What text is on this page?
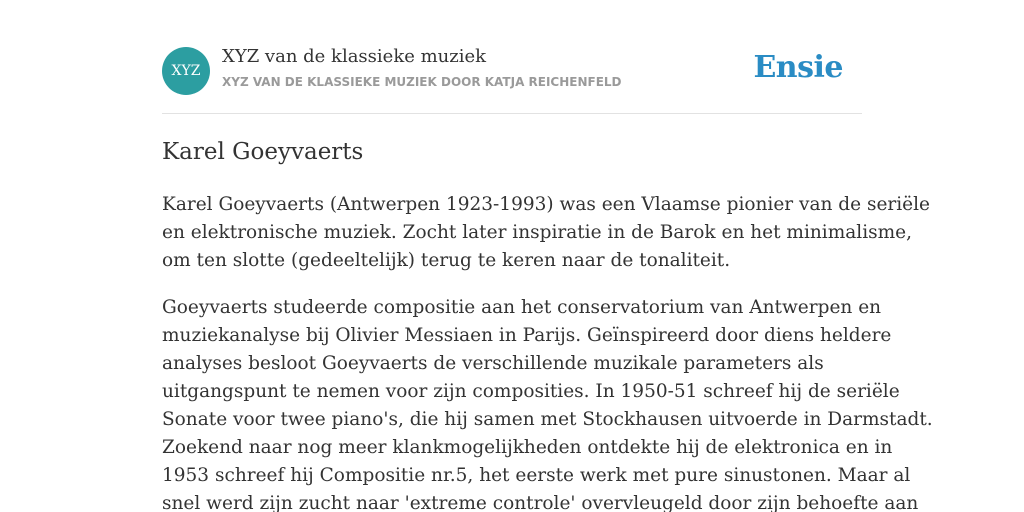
XYZ
XYZ van de klassieke muziek
XYZ VAN DE KLASSIEKE MUZIEK DOOR KATJA REICHENFELD	Ensie
Karel Goeyvaerts

Karel Goeyvaerts (Antwerpen 1923-1993) was een Vlaamse pionier van de seriële
en elektronische muziek. Zocht later inspiratie in de Barok en het minimalisme,
om ten slotte (gedeeltelijk) terug te keren naar de tonaliteit.

Goeyvaerts studeerde compositie aan het conservatorium van Antwerpen en
muziekanalyse bij Olivier Messiaen in Parijs. Geïnspireerd door diens heldere
analyses besloot Goeyvaerts de verschillende muzikale parameters als
uitgangspunt te nemen voor zijn composities. In 1950-51 schreef hij de seriële
Sonate voor twee piano's, die hij samen met Stockhausen uitvoerde in Darmstadt.
Zoekend naar nog meer klankmogelijkheden ontdekte hij de elektronica en in
1953 schreef hij Compositie nr.5, het eerste werk met pure sinustonen. Maar al
snel werd zijn zucht naar 'extreme controle' overvleugeld door zijn behoefte aan
